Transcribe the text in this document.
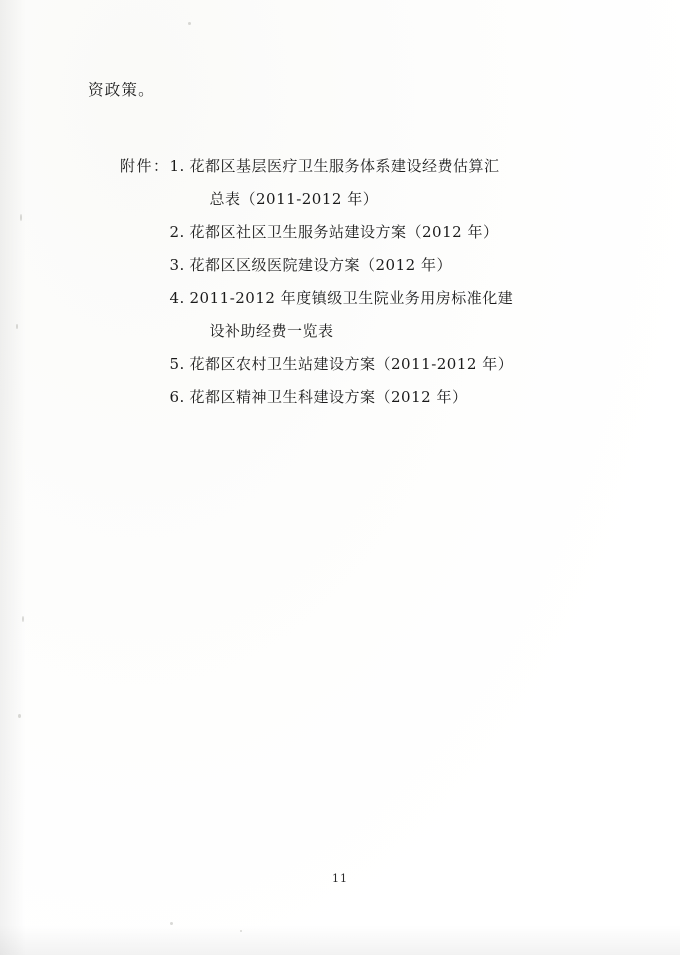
资政策。
附件： 1. 花都区基层医疗卫生服务体系建设经费估算汇
总表（2011-2012 年）
2. 花都区社区卫生服务站建设方案（2012 年）
3. 花都区区级医院建设方案（2012 年）
4. 2011-2012 年度镇级卫生院业务用房标准化建
设补助经费一览表
5. 花都区农村卫生站建设方案（2011-2012 年）
6. 花都区精神卫生科建设方案（2012 年）
11
